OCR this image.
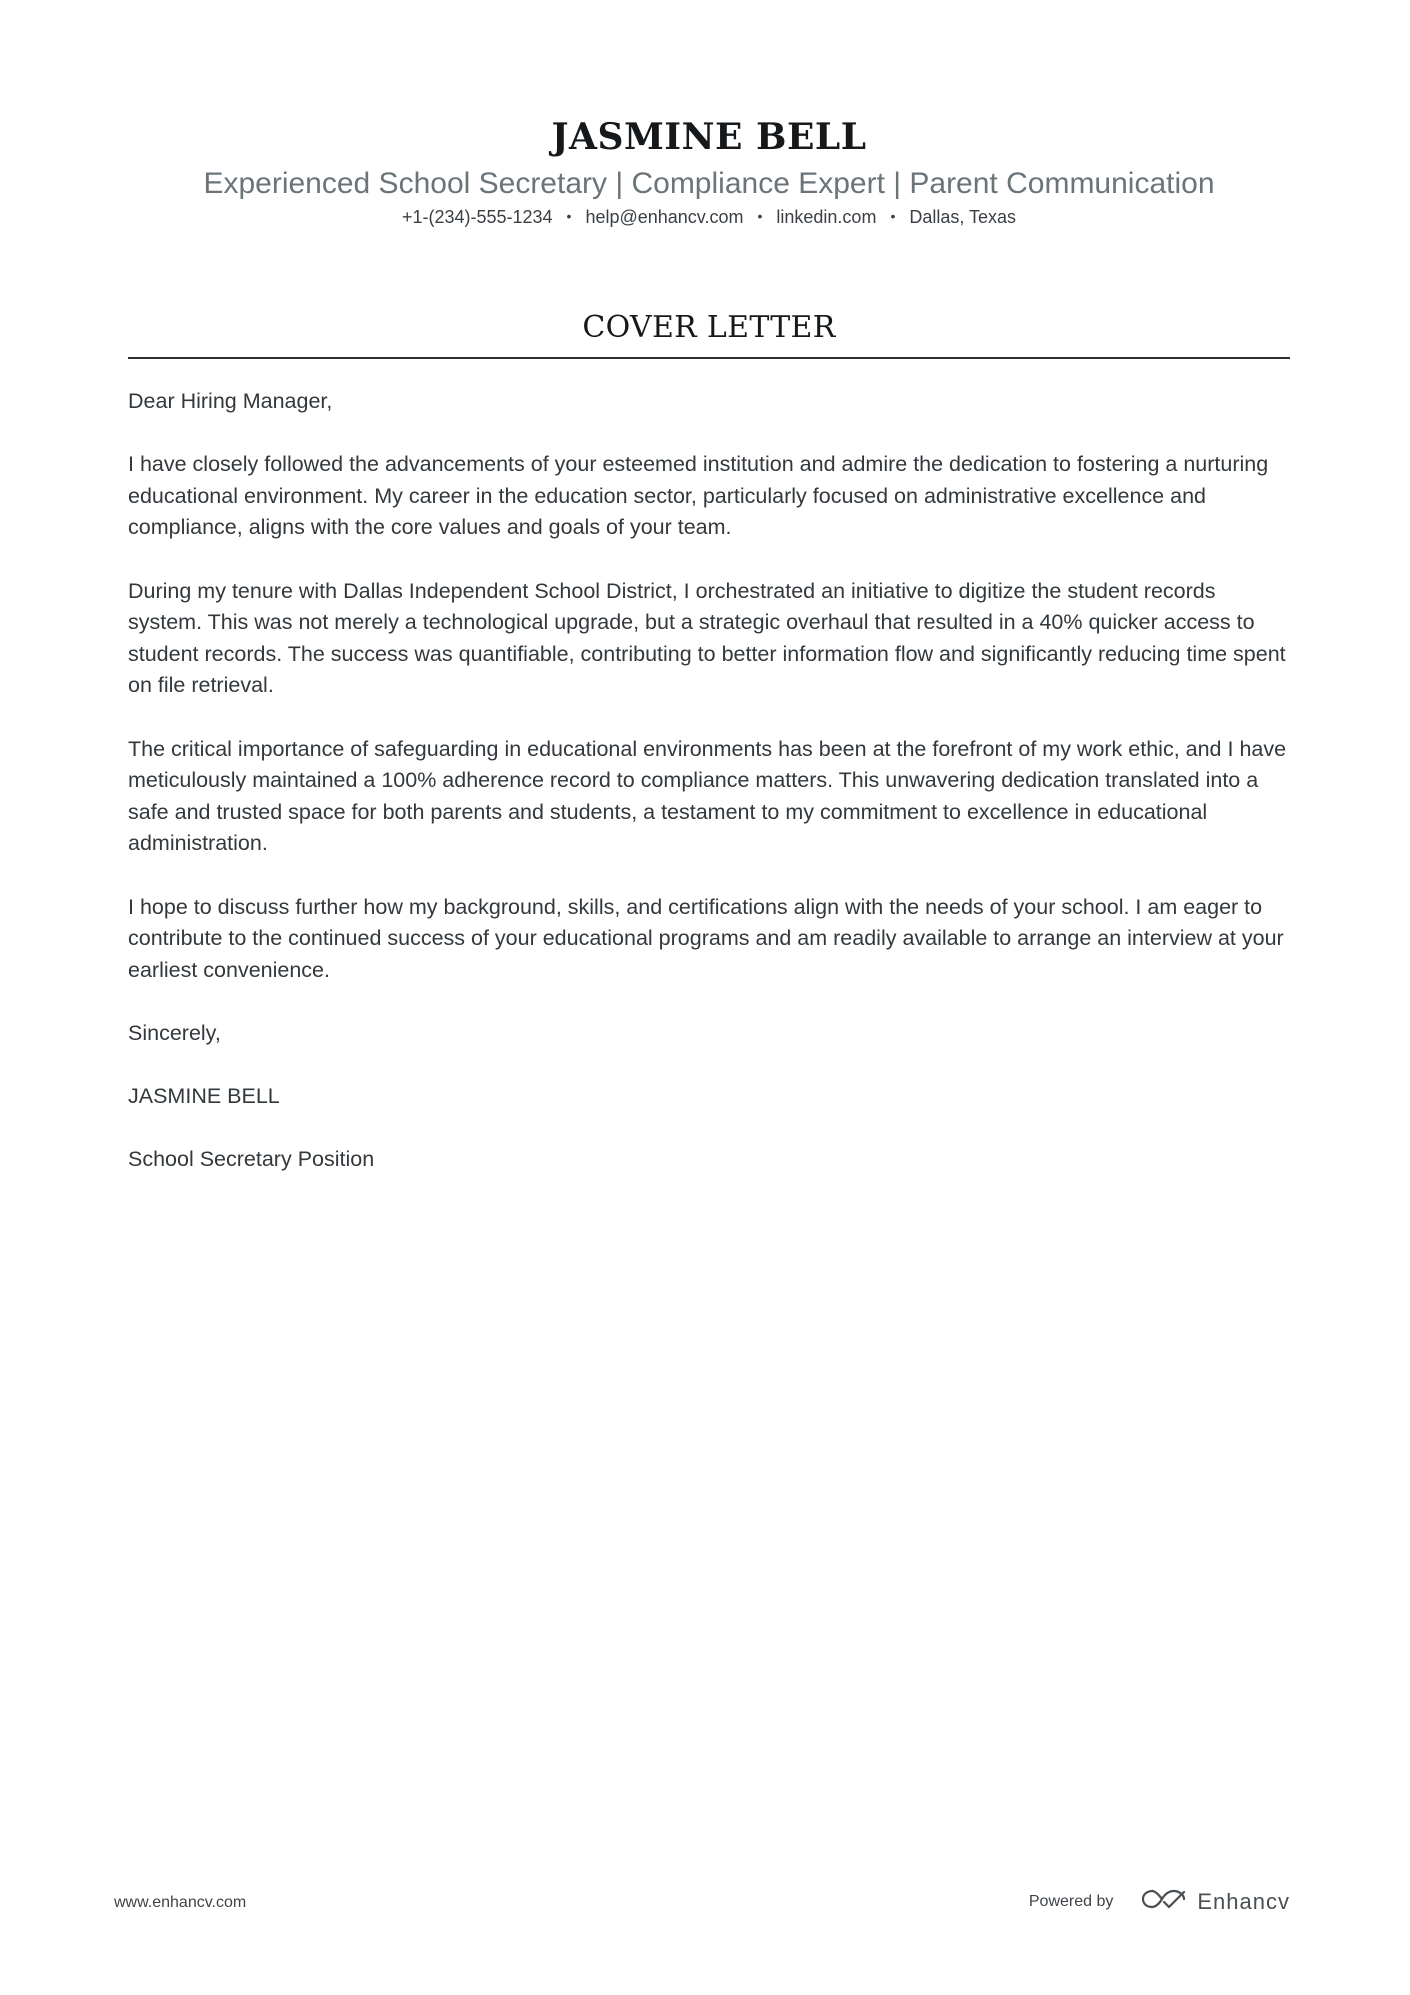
JASMINE BELL
Experienced School Secretary | Compliance Expert | Parent Communication
+1-(234)-555-1234 • help@enhancv.com • linkedin.com • Dallas, Texas
COVER LETTER

Dear Hiring Manager,

I have closely followed the advancements of your esteemed institution and admire the dedication to fostering a nurturing educational environment. My career in the education sector, particularly focused on administrative excellence and compliance, aligns with the core values and goals of your team.

During my tenure with Dallas Independent School District, I orchestrated an initiative to digitize the student records system. This was not merely a technological upgrade, but a strategic overhaul that resulted in a 40% quicker access to student records. The success was quantifiable, contributing to better information flow and significantly reducing time spent on file retrieval.

The critical importance of safeguarding in educational environments has been at the forefront of my work ethic, and I have meticulously maintained a 100% adherence record to compliance matters. This unwavering dedication translated into a safe and trusted space for both parents and students, a testament to my commitment to excellence in educational administration.

I hope to discuss further how my background, skills, and certifications align with the needs of your school. I am eager to contribute to the continued success of your educational programs and am readily available to arrange an interview at your earliest convenience.

Sincerely,

JASMINE BELL

School Secretary Position

www.enhancv.com	Powered by	Enhancv
